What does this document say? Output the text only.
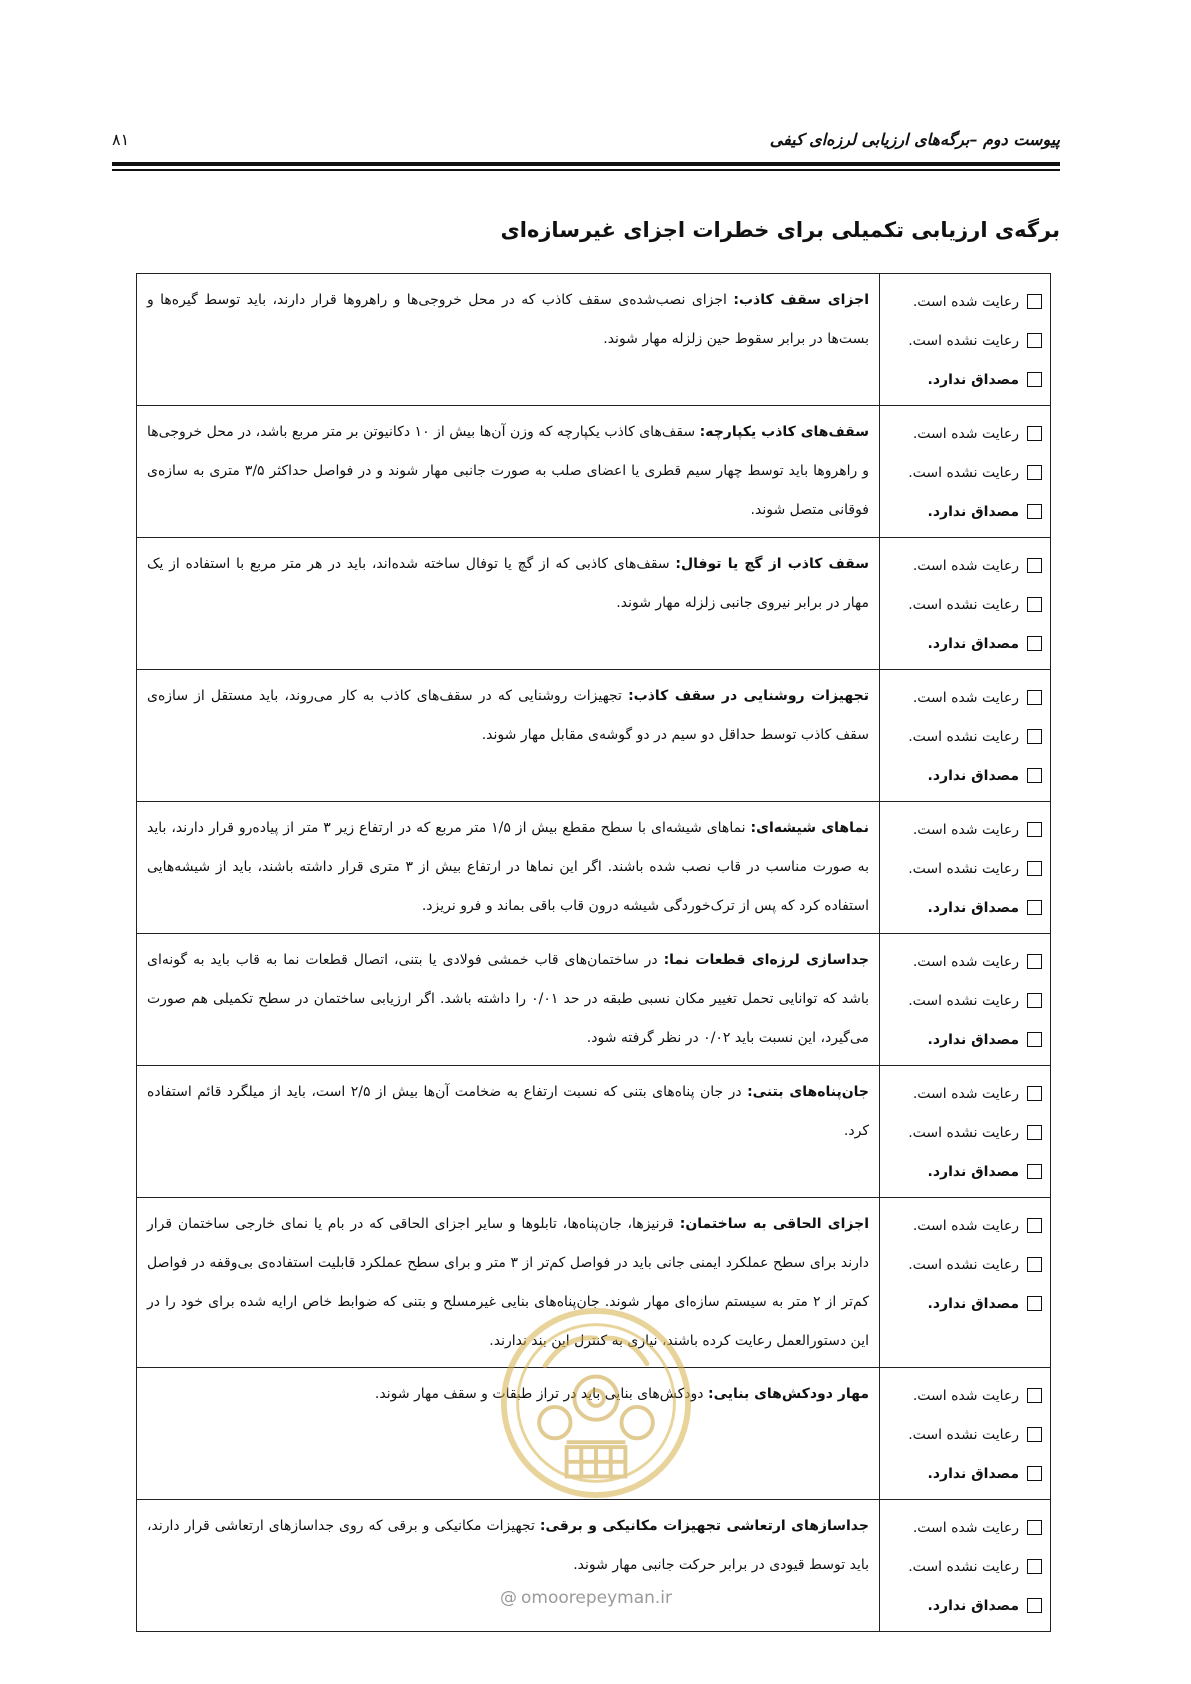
پیوست دوم –برگه‌های ارزیابی لرزه‌ای کیفی
۸۱
برگه‌ی ارزیابی تکمیلی برای خطرات اجزای غیرسازه‌ای
رعایت شده است.
رعایت نشده است.
مصداق ندارد.
اجزای سقف کاذب: اجزای نصب‌شده‌ی سقف کاذب که در محل خروجی‌ها و راهروها قرار دارند، باید توسط گیره‌ها و بست‌ها در برابر سقوط حین زلزله مهار شوند.
رعایت شده است.
رعایت نشده است.
مصداق ندارد.
سقف‌های کاذب یکپارچه: سقف‌های کاذب یکپارچه که وزن آن‌ها بیش از ۱۰ دکانیوتن بر متر مربع باشد، در محل خروجی‌ها و راهروها باید توسط چهار سیم قطری یا اعضای صلب به صورت جانبی مهار شوند و در فواصل حداکثر ۳/۵ متری به سازه‌ی فوقانی متصل شوند.
رعایت شده است.
رعایت نشده است.
مصداق ندارد.
سقف کاذب از گچ یا توفال: سقف‌های کاذبی که از گچ یا توفال ساخته شده‌اند، باید در هر متر مربع با استفاده از یک مهار در برابر نیروی جانبی زلزله مهار شوند.
رعایت شده است.
رعایت نشده است.
مصداق ندارد.
تجهیزات روشنایی در سقف کاذب: تجهیزات روشنایی که در سقف‌های کاذب به کار می‌روند، باید مستقل از سازه‌ی سقف کاذب توسط حداقل دو سیم در دو گوشه‌ی مقابل مهار شوند.
رعایت شده است.
رعایت نشده است.
مصداق ندارد.
نماهای شیشه‌ای: نماهای شیشه‌ای با سطح مقطع بیش از ۱/۵ متر مربع که در ارتفاع زیر ۳ متر از پیاده‌رو قرار دارند، باید به صورت مناسب در قاب نصب شده باشند. اگر این نماها در ارتفاع بیش از ۳ متری قرار داشته باشند، باید از شیشه‌هایی استفاده کرد که پس از ترک‌خوردگی شیشه درون قاب باقی بماند و فرو نریزد.
رعایت شده است.
رعایت نشده است.
مصداق ندارد.
جداسازی لرزه‌ای قطعات نما: در ساختمان‌های قاب خمشی فولادی یا بتنی، اتصال قطعات نما به قاب باید به گونه‌ای باشد که توانایی تحمل تغییر مکان نسبی طبقه در حد ۰/۰۱ را داشته باشد. اگر ارزیابی ساختمان در سطح تکمیلی هم صورت می‌گیرد، این نسبت باید ۰/۰۲ در نظر گرفته شود.
رعایت شده است.
رعایت نشده است.
مصداق ندارد.
جان‌پناه‌های بتنی: در جان پناه‌های بتنی که نسبت ارتفاع به ضخامت آن‌ها بیش از ۲/۵ است، باید از میلگرد قائم استفاده کرد.
رعایت شده است.
رعایت نشده است.
مصداق ندارد.
اجزای الحاقی به ساختمان: قرنیزها، جان‌پناه‌ها، تابلوها و سایر اجزای الحاقی که در بام یا نمای خارجی ساختمان قرار دارند برای سطح عملکرد ایمنی جانی باید در فواصل کم‌تر از ۳ متر و برای سطح عملکرد قابلیت استفاده‌ی بی‌وقفه در فواصل کم‌تر از ۲ متر به سیستم سازه‌ای مهار شوند. جان‌پناه‌های بنایی غیرمسلح و بتنی که ضوابط خاص ارایه شده برای خود را در این دستورالعمل رعایت کرده باشند، نیازی به کنترل این بند ندارند.
رعایت شده است.
رعایت نشده است.
مصداق ندارد.
مهار دودکش‌های بنایی: دودکش‌های بنایی باید در تراز طبقات و سقف مهار شوند.
رعایت شده است.
رعایت نشده است.
مصداق ندارد.
جداسازهای ارتعاشی تجهیزات مکانیکی و برقی: تجهیزات مکانیکی و برقی که روی جداسازهای ارتعاشی قرار دارند، باید توسط قیودی در برابر حرکت جانبی مهار شوند.
@ omoorepeyman.ir
